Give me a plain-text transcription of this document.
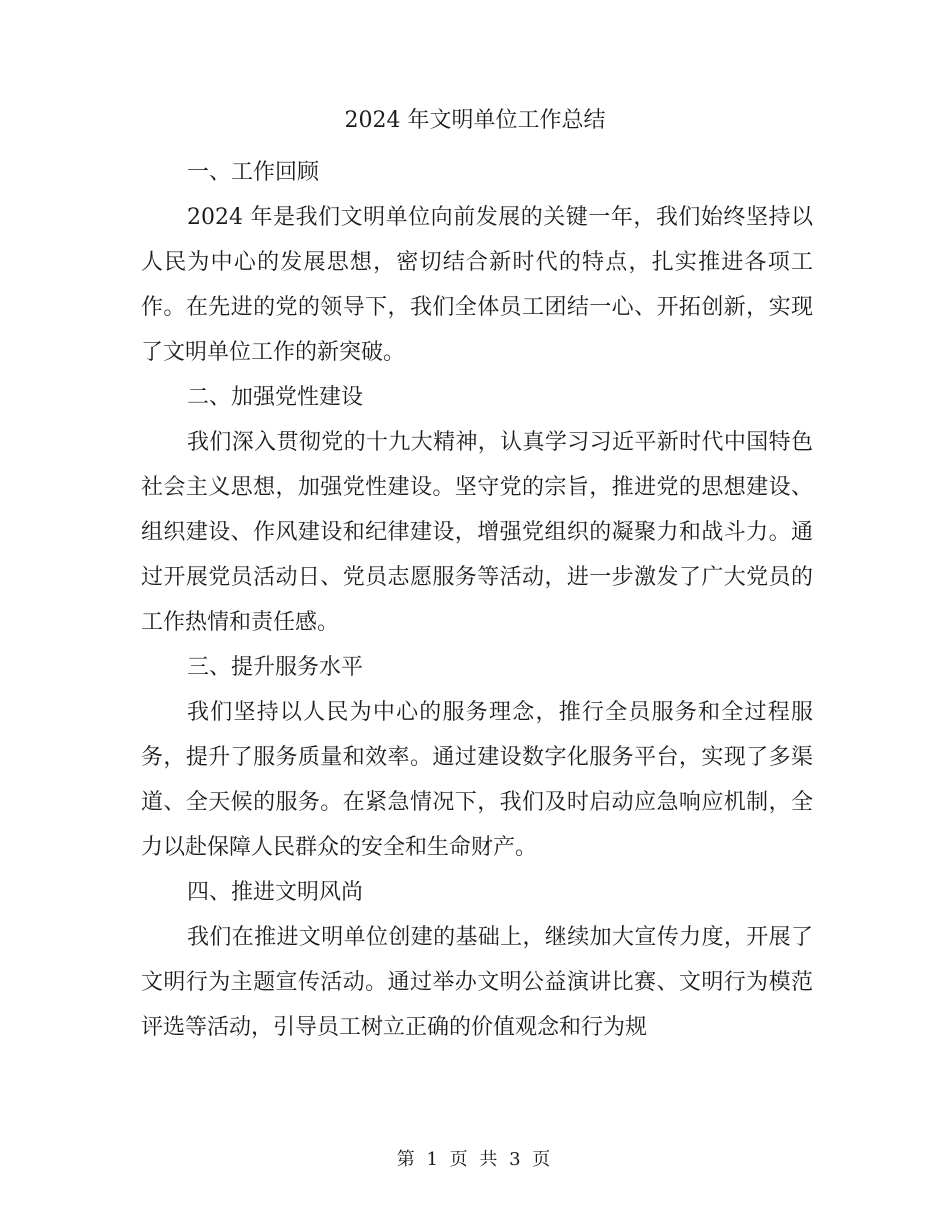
2024 年文明单位工作总结

一、工作回顾

2024 年是我们文明单位向前发展的关键一年，我们始终坚持以人民为中心的发展思想，密切结合新时代的特点，扎实推进各项工作。在先进的党的领导下，我们全体员工团结一心、开拓创新，实现了文明单位工作的新突破。

二、加强党性建设

我们深入贯彻党的十九大精神，认真学习习近平新时代中国特色社会主义思想，加强党性建设。坚守党的宗旨，推进党的思想建设、组织建设、作风建设和纪律建设，增强党组织的凝聚力和战斗力。通过开展党员活动日、党员志愿服务等活动，进一步激发了广大党员的工作热情和责任感。

三、提升服务水平

我们坚持以人民为中心的服务理念，推行全员服务和全过程服务，提升了服务质量和效率。通过建设数字化服务平台，实现了多渠道、全天候的服务。在紧急情况下，我们及时启动应急响应机制，全力以赴保障人民群众的安全和生命财产。

四、推进文明风尚

我们在推进文明单位创建的基础上，继续加大宣传力度，开展了文明行为主题宣传活动。通过举办文明公益演讲比赛、文明行为模范评选等活动，引导员工树立正确的价值观念和行为规

第 1 页 共 3 页
